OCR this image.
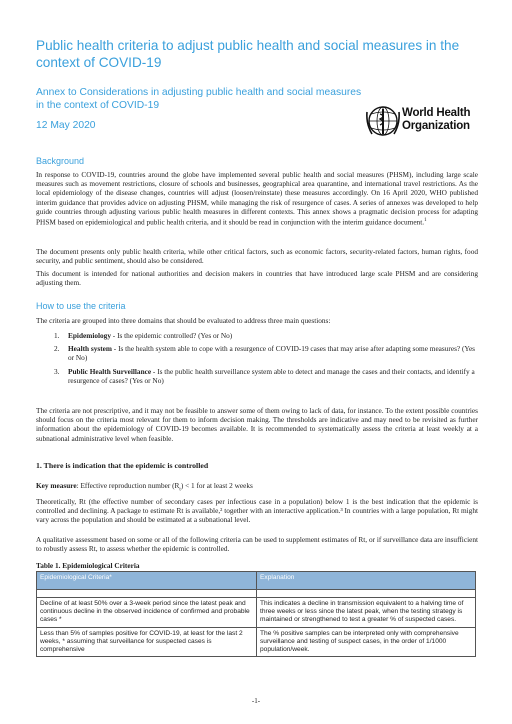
Public health criteria to adjust public health and social measures in the context of COVID-19
Annex to Considerations in adjusting public health and social measures in the context of COVID-19
12 May 2020
World Health
Organization
Background
In response to COVID-19, countries around the globe have implemented several public health and social measures (PHSM), including large scale measures such as movement restrictions, closure of schools and businesses, geographical area quarantine, and international travel restrictions. As the local epidemiology of the disease changes, countries will adjust (loosen/reinstate) these measures accordingly. On 16 April 2020, WHO published interim guidance that provides advice on adjusting PHSM, while managing the risk of resurgence of cases. A series of annexes was developed to help guide countries through adjusting various public health measures in different contexts. This annex shows a pragmatic decision process for adapting PHSM based on epidemiological and public health criteria, and it should be read in conjunction with the interim guidance document.$^1$
The document presents only public health criteria, while other critical factors, such as economic factors, security-related factors, human rights, food security, and public sentiment, should also be considered.
This document is intended for national authorities and decision makers in countries that have introduced large scale PHSM and are considering adjusting them.
How to use the criteria
The criteria are grouped into three domains that should be evaluated to address three main questions:
1. Epidemiology - Is the epidemic controlled? (Yes or No)
2. Health system - Is the health system able to cope with a resurgence of COVID-19 cases that may arise after adapting some measures? (Yes or No)
3. Public Health Surveillance - Is the public health surveillance system able to detect and manage the cases and their contacts, and identify a resurgence of cases? (Yes or No)
The criteria are not prescriptive, and it may not be feasible to answer some of them owing to lack of data, for instance. To the extent possible countries should focus on the criteria most relevant for them to inform decision making. The thresholds are indicative and may need to be revisited as further information about the epidemiology of COVID-19 becomes available. It is recommended to systematically assess the criteria at least weekly at a subnational administrative level when feasible.
1. There is indication that the epidemic is controlled
Key measure: Effective reproduction number $(R_t) < 1$ for at least 2 weeks
Theoretically, Rt (the effective number of secondary cases per infectious case in a population) below 1 is the best indication that the epidemic is controlled and declining. A package to estimate Rt is available,² together with an interactive application.³ In countries with a large population, Rt might vary across the population and should be estimated at a subnational level.
A qualitative assessment based on some or all of the following criteria can be used to supplement estimates of Rt, or if surveillance data are insufficient to robustly assess Rt, to assess whether the epidemic is controlled.
Table 1. Epidemiological Criteria
Epidemiological Criteria*	Explanation

Decline of at least 50% over a 3-week period since the latest peak and continuous decline in the observed incidence of confirmed and probable cases *	This indicates a decline in transmission equivalent to a halving time of three weeks or less since the latest peak, when the testing strategy is maintained or strengthened to test a greater % of suspected cases.
Less than 5% of samples positive for COVID-19, at least for the last 2 weeks, * assuming that surveillance for suspected cases is comprehensive	The % positive samples can be interpreted only with comprehensive surveillance and testing of suspect cases, in the order of 1/1000 population/week.
-1-
